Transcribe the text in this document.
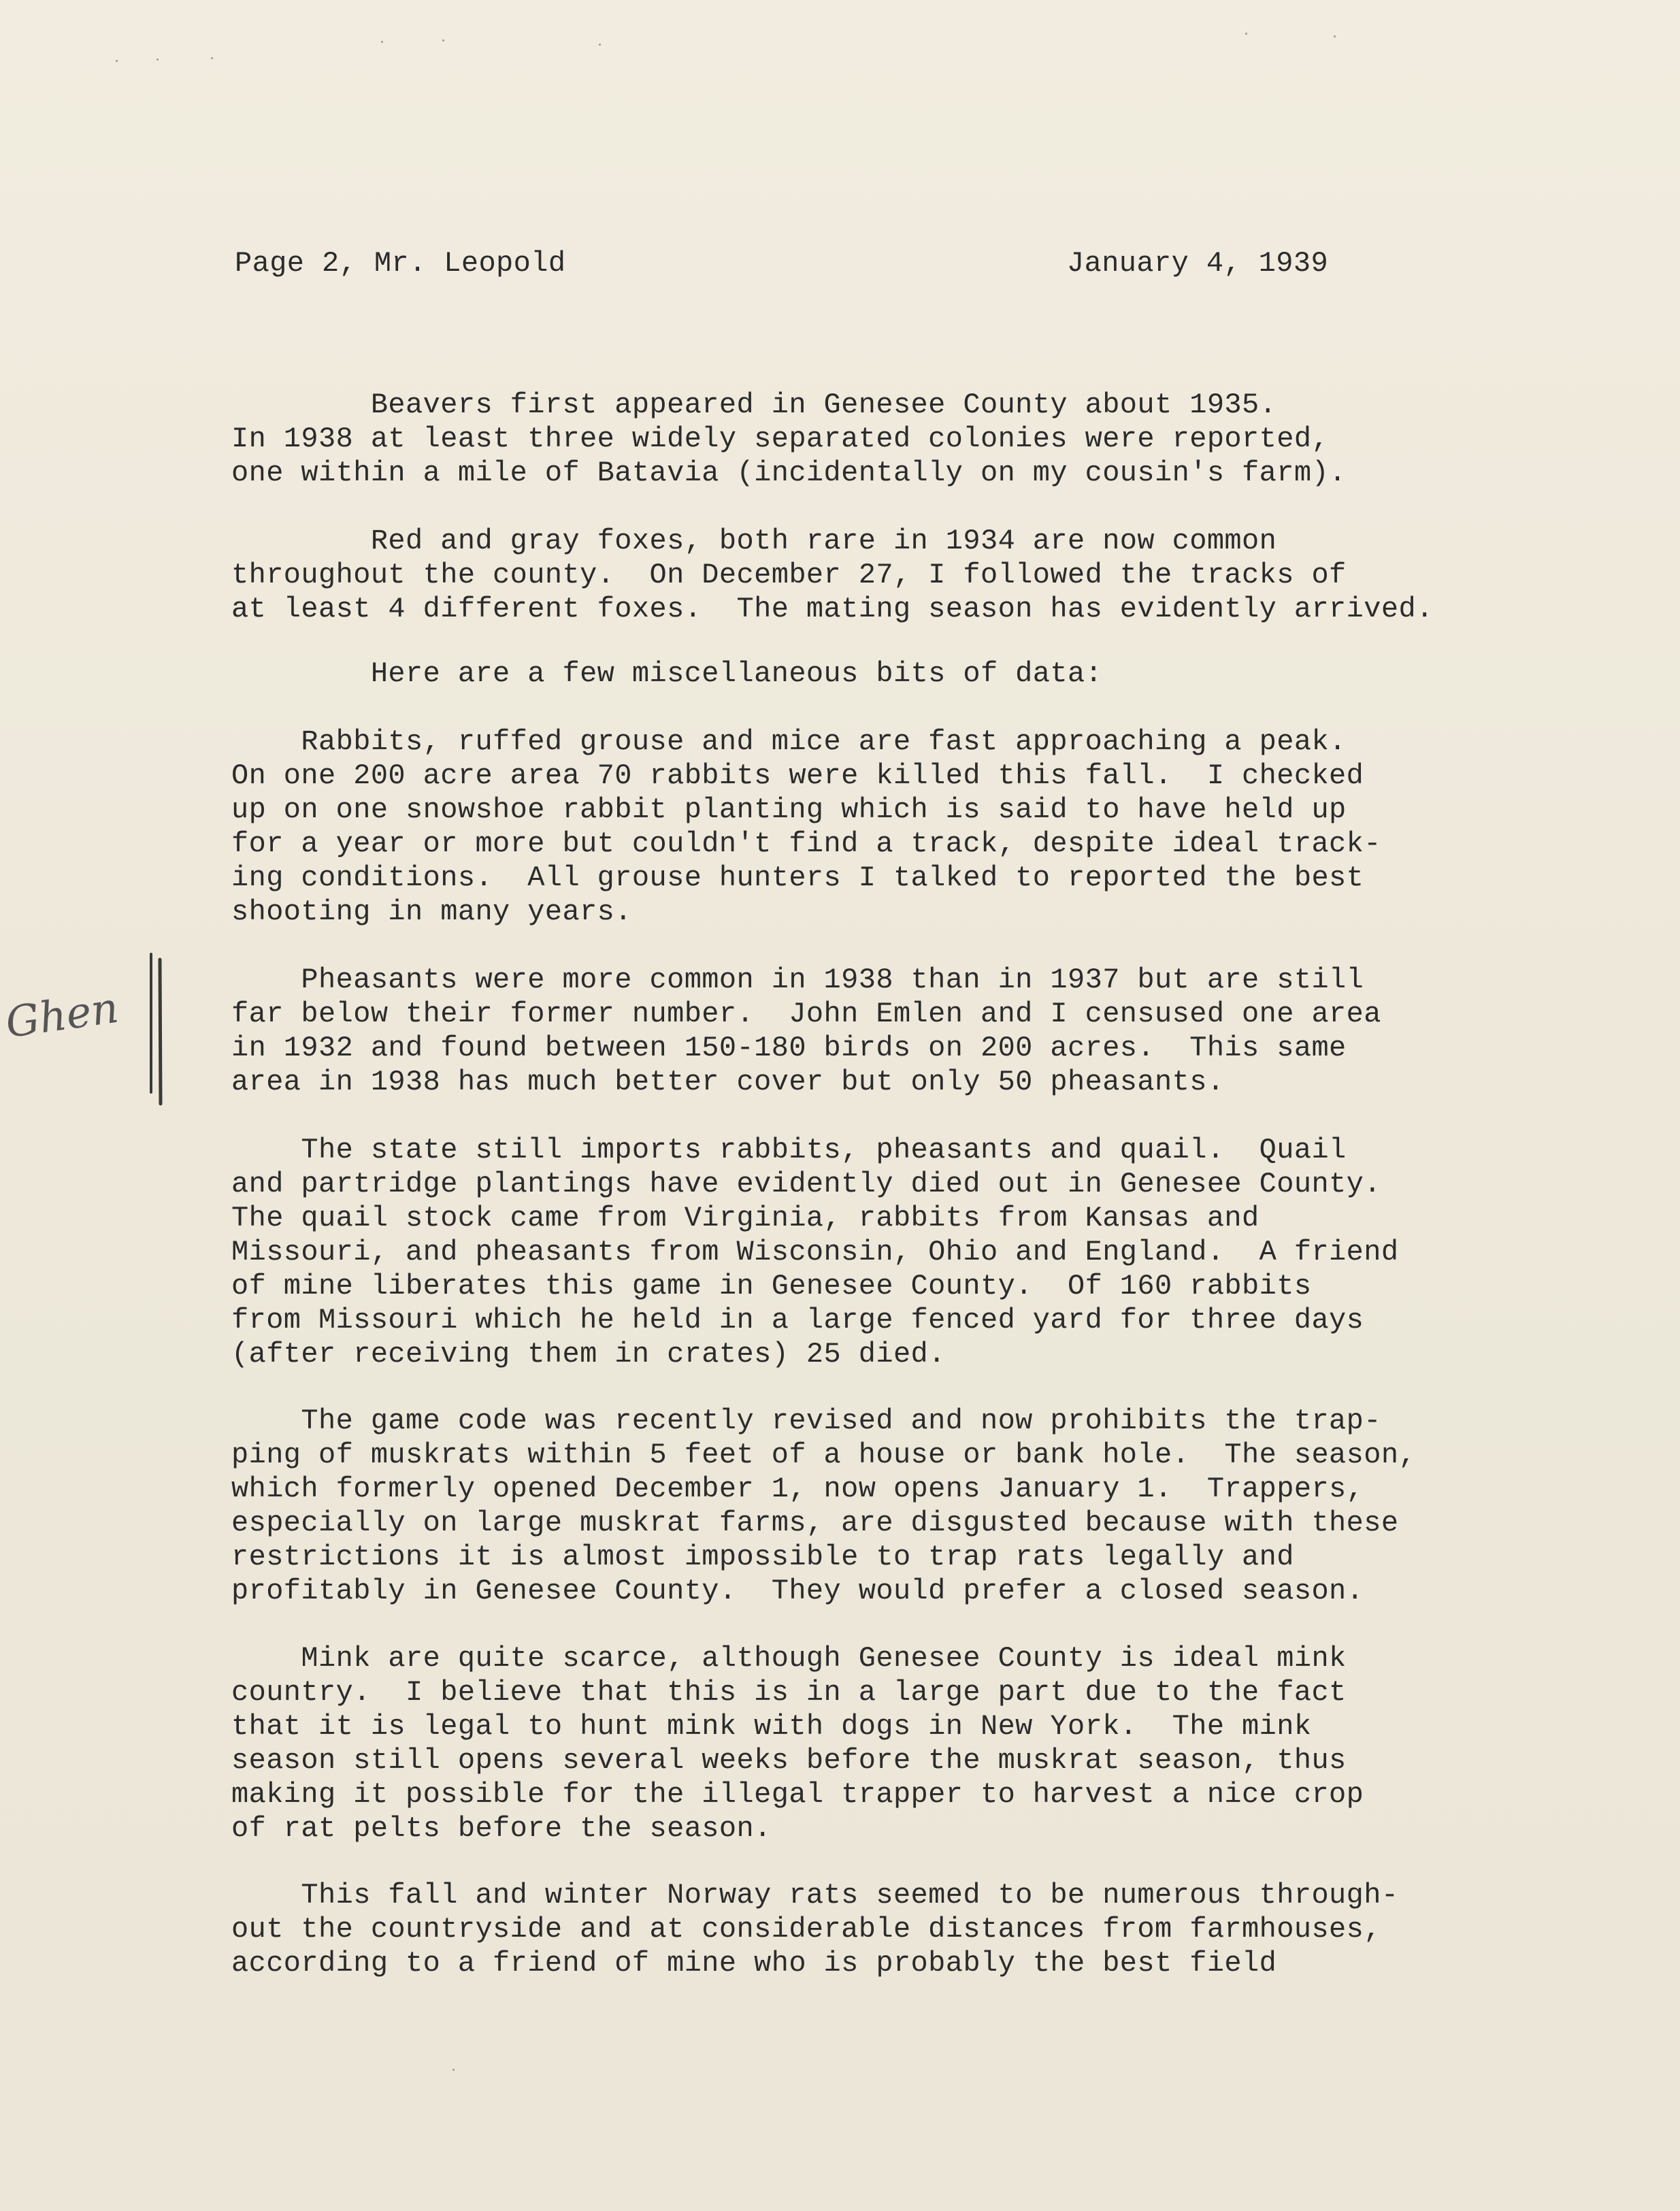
Page 2, Mr. Leopold	January 4, 1939
Beavers first appeared in Genesee County about 1935.
In 1938 at least three widely separated colonies were reported,
one within a mile of Batavia (incidentally on my cousin's farm).
Red and gray foxes, both rare in 1934 are now common
throughout the county.  On December 27, I followed the tracks of
at least 4 different foxes.  The mating season has evidently arrived.
Here are a few miscellaneous bits of data:
Rabbits, ruffed grouse and mice are fast approaching a peak.
On one 200 acre area 70 rabbits were killed this fall.  I checked
up on one snowshoe rabbit planting which is said to have held up
for a year or more but couldn't find a track, despite ideal track-
ing conditions.  All grouse hunters I talked to reported the best
shooting in many years.
Pheasants were more common in 1938 than in 1937 but are still
far below their former number.  John Emlen and I censused one area
in 1932 and found between 150-180 birds on 200 acres.  This same
area in 1938 has much better cover but only 50 pheasants.
The state still imports rabbits, pheasants and quail.  Quail
and partridge plantings have evidently died out in Genesee County.
The quail stock came from Virginia, rabbits from Kansas and
Missouri, and pheasants from Wisconsin, Ohio and England.  A friend
of mine liberates this game in Genesee County.  Of 160 rabbits
from Missouri which he held in a large fenced yard for three days
(after receiving them in crates) 25 died.
The game code was recently revised and now prohibits the trap-
ping of muskrats within 5 feet of a house or bank hole.  The season,
which formerly opened December 1, now opens January 1.  Trappers,
especially on large muskrat farms, are disgusted because with these
restrictions it is almost impossible to trap rats legally and
profitably in Genesee County.  They would prefer a closed season.
Mink are quite scarce, although Genesee County is ideal mink
country.  I believe that this is in a large part due to the fact
that it is legal to hunt mink with dogs in New York.  The mink
season still opens several weeks before the muskrat season, thus
making it possible for the illegal trapper to harvest a nice crop
of rat pelts before the season.
This fall and winter Norway rats seemed to be numerous through-
out the countryside and at considerable distances from farmhouses,
according to a friend of mine who is probably the best field
Ghen
